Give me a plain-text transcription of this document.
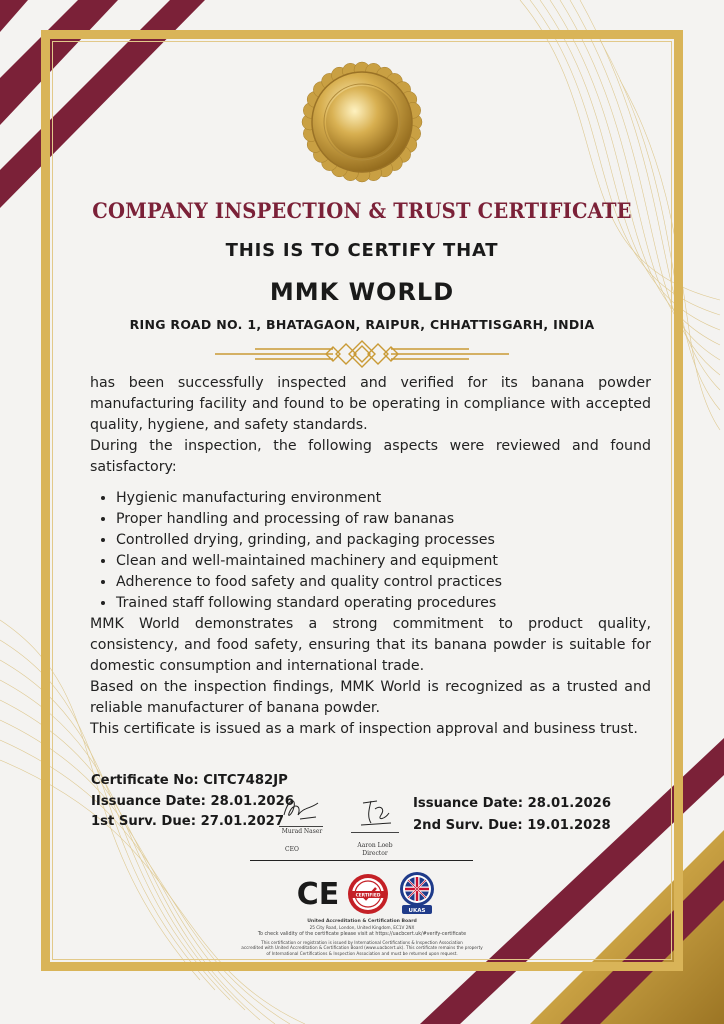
COMPANY INSPECTION & TRUST CERTIFICATE
THIS IS TO CERTIFY THAT
MMK WORLD
RING ROAD NO. 1, BHATAGAON, RAIPUR, CHHATTISGARH, INDIA

has been successfully inspected and verified for its banana powder manufacturing facility and found to be operating in compliance with accepted quality, hygiene, and safety standards.

During the inspection, the following aspects were reviewed and found satisfactory:

• Hygienic manufacturing environment
• Proper handling and processing of raw bananas
• Controlled drying, grinding, and packaging processes
• Clean and well-maintained machinery and equipment
• Adherence to food safety and quality control practices
• Trained staff following standard operating procedures

MMK World demonstrates a strong commitment to product quality, consistency, and food safety, ensuring that its banana powder is suitable for domestic consumption and international trade.

Based on the inspection findings, MMK World is recognized as a trusted and reliable manufacturer of banana powder.

This certificate is issued as a mark of inspection approval and business trust.

Certificate No: CITC7482JP
IIssuance Date: 28.01.2026
1st Surv. Due: 27.01.2027
Issuance Date: 28.01.2026
2nd Surv. Due: 19.01.2028
Murad Naser
CEO
Aaron Loeb
Director
CE	CERTIFIED
UKAS
United Accreditation & Certification Board
25 City Road, London, United Kingdom, EC1V 2NX
To check validity of the certificate please visit at https://uacbcert.uk/#verify-certificate
This certification or registration is issued by International Certifications & Inspection Association
accredited with United Accreditation & Certification Board (www.uacbcert.uk). This certificate remains the property
of International Certifications & Inspection Association and must be returned upon request.
